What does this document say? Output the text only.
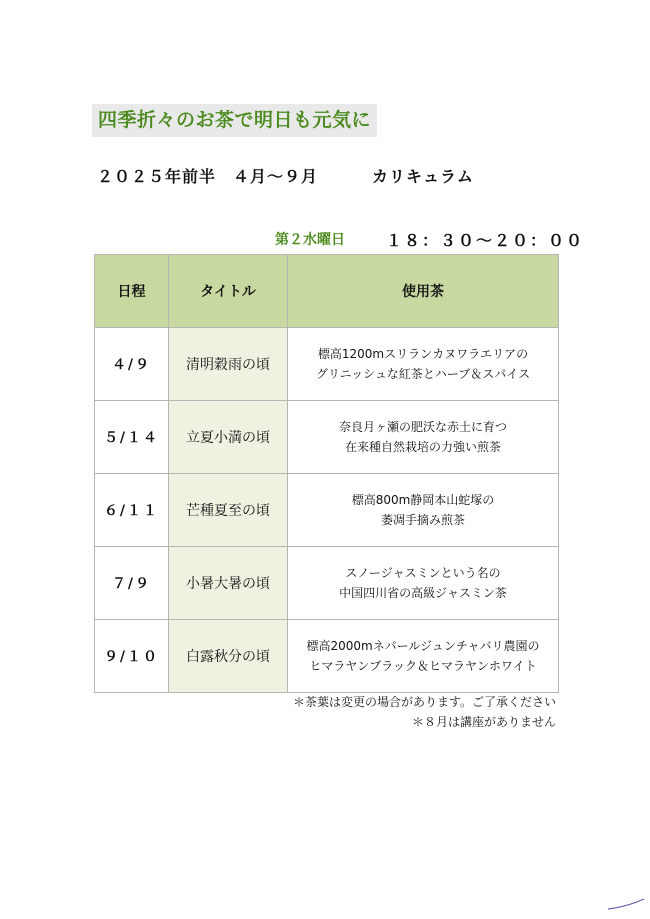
四季折々のお茶で明日も元気に
２０２５年前半　４月〜９月	カリキュラム
第２水曜日	１８：３０〜２０：００
日程	タイトル	使用茶
４/９	清明穀雨の頃	標高1200mスリランカヌワラエリアの
グリニッシュな紅茶とハーブ＆スパイス

５/１４	立夏小満の頃	奈良月ヶ瀬の肥沃な赤土に育つ
在来種自然栽培の力強い煎茶

６/１１	芒種夏至の頃	標高800m静岡本山蛇塚の
萎凋手摘み煎茶

７/９	小暑大暑の頃	スノージャスミンという名の
中国四川省の高級ジャスミン茶

９/１０	白露秋分の頃	標高2000mネパールジュンチャバリ農園の
ヒマラヤンブラック＆ヒマラヤンホワイト
＊茶葉は変更の場合があります。ご了承ください
＊８月は講座がありません
